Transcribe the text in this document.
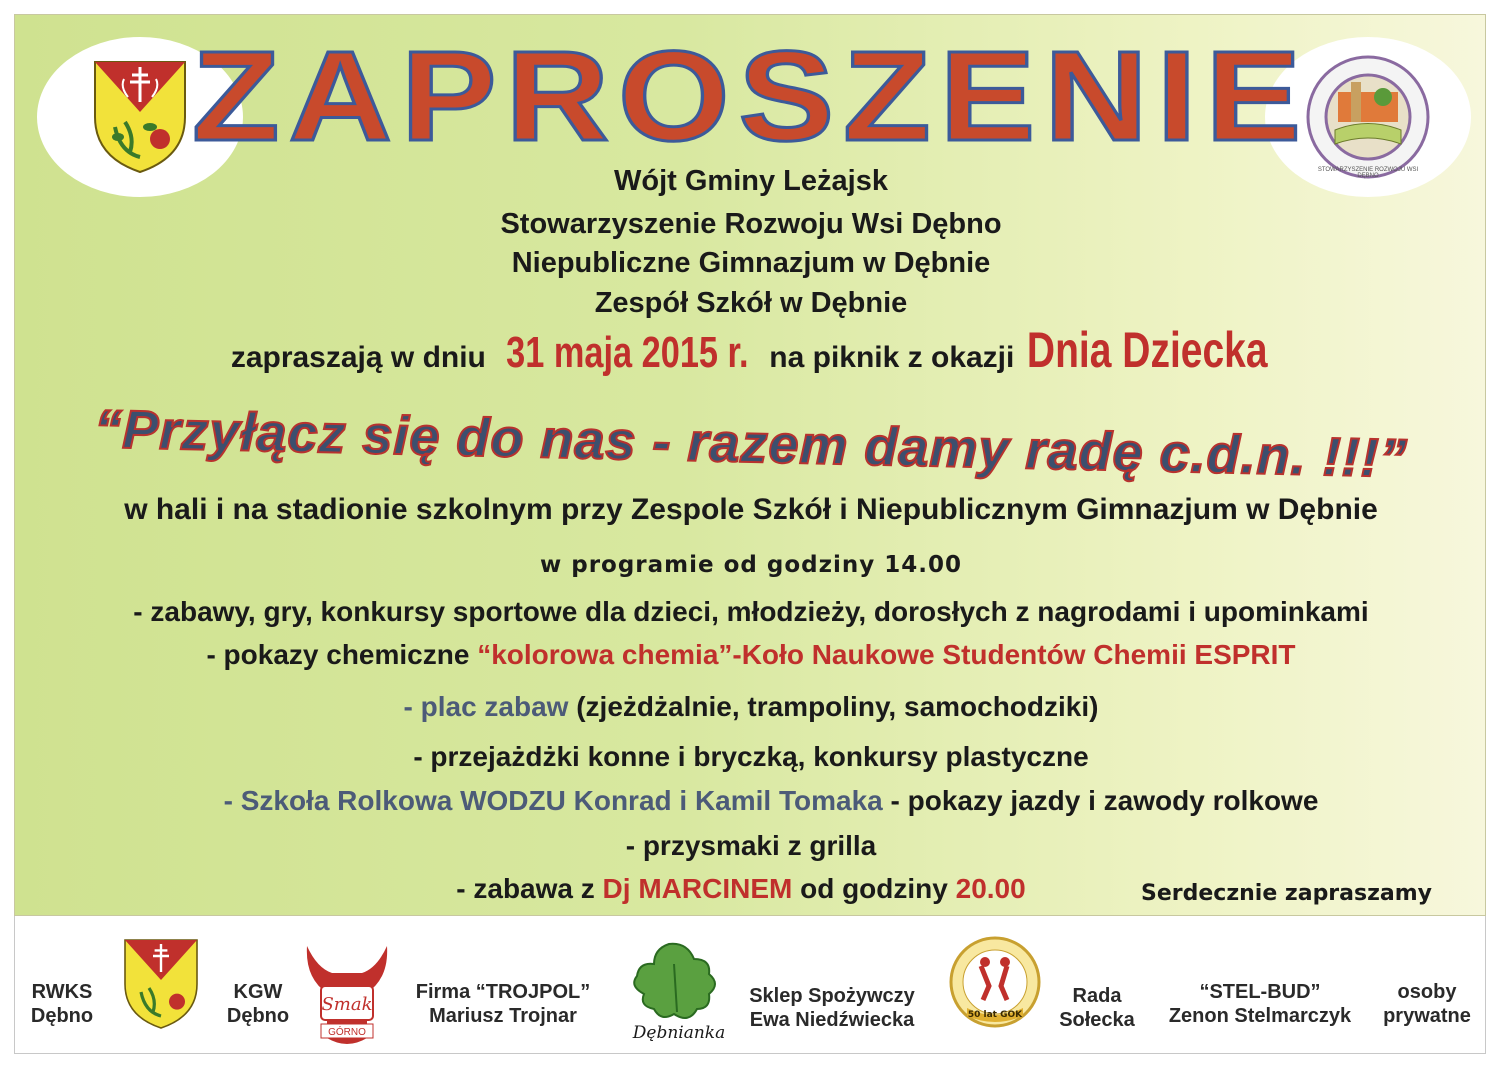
STOWARZYSZENIE ROZWOJU WSI DĘBNO
ZAPROSZENIE
Wójt Gminy Leżajsk
Stowarzyszenie Rozwoju Wsi Dębno
Niepubliczne Gimnazjum w Dębnie
Zespół Szkół w Dębnie
zapraszają w dniu 31 maja 2015 r. na piknik z okazji Dnia Dziecka
“Przyłącz się do nas - razem damy radę c.d.n. !!!”
w hali i na stadionie szkolnym przy Zespole Szkół i Niepublicznym Gimnazjum w Dębnie
w programie od godziny 14.00
- zabawy, gry, konkursy sportowe dla dzieci, młodzieży, dorosłych z nagrodami i upominkami
- pokazy chemiczne “kolorowa chemia”-Koło Naukowe Studentów Chemii ESPRIT
- plac zabaw (zjeżdżalnie, trampoliny, samochodziki)
- przejażdżki konne i bryczką, konkursy plastyczne
- Szkoła Rolkowa WODZU Konrad i Kamil Tomaka - pokazy jazdy i zawody rolkowe
- przysmaki z grilla
- zabawa z Dj MARCINEM od godziny 20.00	Serdecznie zapraszamy
RWKS
Dębno
KGW
Dębno
Smak
GÓRNO
Firma “TROJPOL”
Mariusz Trojnar
Dębnianka
Sklep Spożywczy
Ewa Niedźwiecka	50 lat GOK
Rada
Sołecka
“STEL-BUD”
Zenon Stelmarczyk
osoby
prywatne
